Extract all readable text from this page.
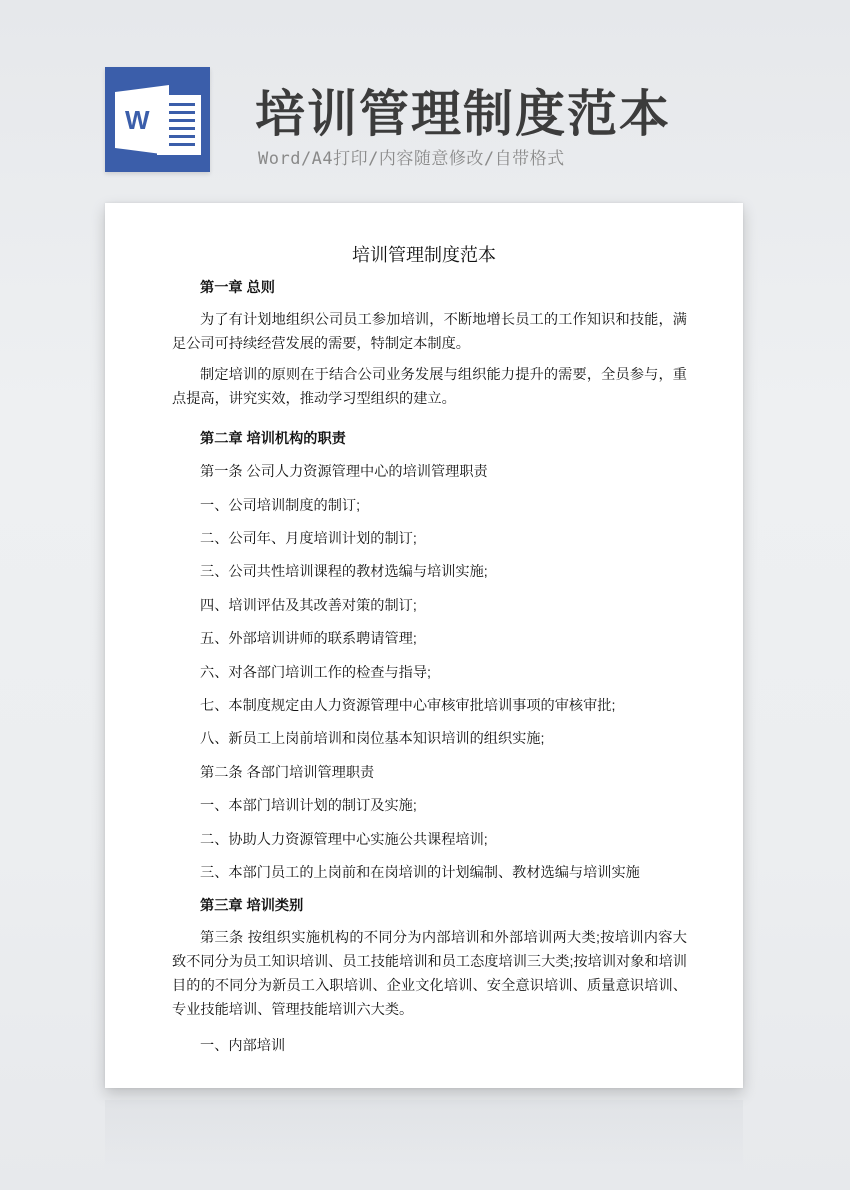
W 培训管理制度范本
Word/A4打印/内容随意修改/自带格式
培训管理制度范本

第一章 总则

为了有计划地组织公司员工参加培训，不断地增长员工的工作知识和技能，满足公司可持续经营发展的需要，特制定本制度。

制定培训的原则在于结合公司业务发展与组织能力提升的需要，全员参与，重点提高，讲究实效，推动学习型组织的建立。

第二章 培训机构的职责

第一条 公司人力资源管理中心的培训管理职责

一、公司培训制度的制订;

二、公司年、月度培训计划的制订;

三、公司共性培训课程的教材选编与培训实施;

四、培训评估及其改善对策的制订;

五、外部培训讲师的联系聘请管理;

六、对各部门培训工作的检查与指导;

七、本制度规定由人力资源管理中心审核审批培训事项的审核审批;

八、新员工上岗前培训和岗位基本知识培训的组织实施;

第二条 各部门培训管理职责

一、本部门培训计划的制订及实施;

二、协助人力资源管理中心实施公共课程培训;

三、本部门员工的上岗前和在岗培训的计划编制、教材选编与培训实施

第三章 培训类别

第三条 按组织实施机构的不同分为内部培训和外部培训两大类;按培训内容大致不同分为员工知识培训、员工技能培训和员工态度培训三大类;按培训对象和培训目的的不同分为新员工入职培训、企业文化培训、安全意识培训、质量意识培训、专业技能培训、管理技能培训六大类。

一、内部培训
